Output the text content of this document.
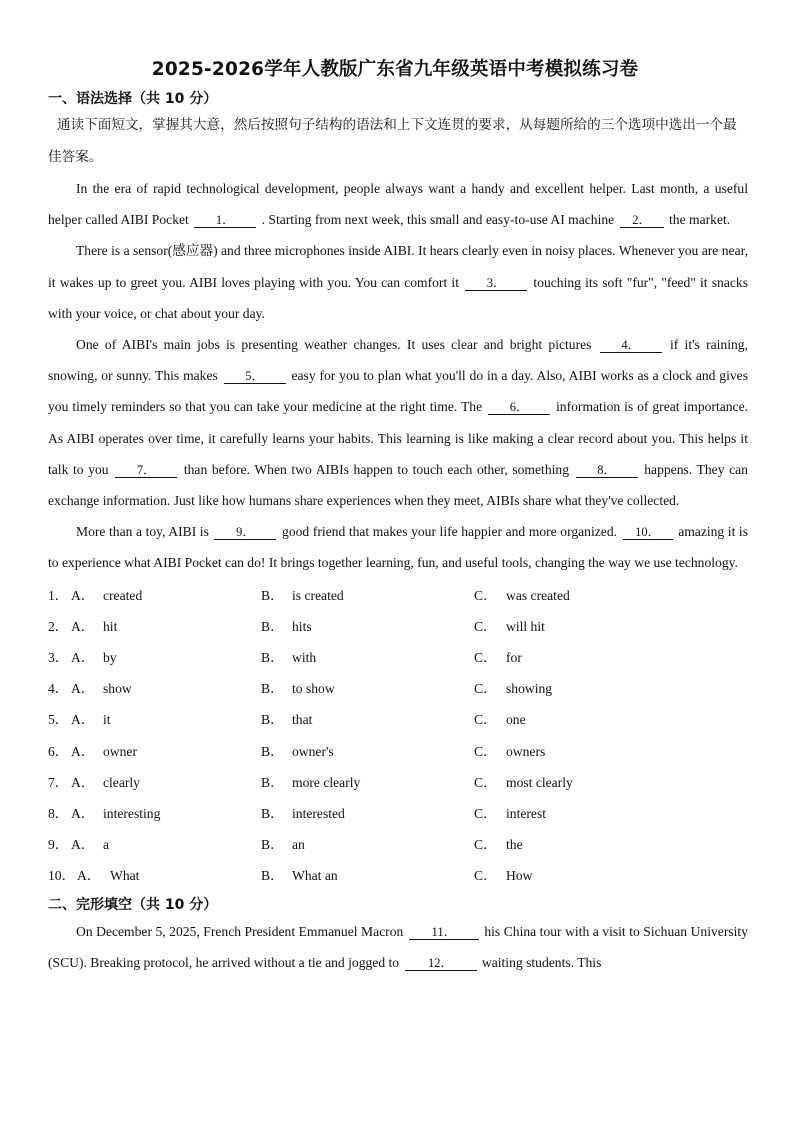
2025-2026学年人教版广东省九年级英语中考模拟练习卷
一、语法选择（共 10 分）

通读下面短文，掌握其大意，然后按照句子结构的语法和上下文连贯的要求，从每题所给的三个选项中选出一个最佳答案。

In the era of rapid technological development, people always want a handy and excellent helper. Last month, a useful helper called AIBI Pocket 1． . Starting from next week, this small and easy-to-use AI machine 2． the market.

There is a sensor(感应器) and three microphones inside AIBI. It hears clearly even in noisy places. Whenever you are near, it wakes up to greet you. AIBI loves playing with you. You can comfort it 3． touching its soft "fur", "feed" it snacks with your voice, or chat about your day.

One of AIBI's main jobs is presenting weather changes. It uses clear and bright pictures 4． if it's raining, snowing, or sunny. This makes 5． easy for you to plan what you'll do in a day. Also, AIBI works as a clock and gives you timely reminders so that you can take your medicine at the right time. The 6． information is of great importance. As AIBI operates over time, it carefully learns your habits. This learning is like making a clear record about you. This helps it talk to you 7． than before. When two AIBIs happen to touch each other, something 8． happens. They can exchange information. Just like how humans share experiences when they meet, AIBIs share what they've collected.

More than a toy, AIBI is 9． good friend that makes your life happier and more organized. 10． amazing it is to experience what AIBI Pocket can do! It brings together learning, fun, and useful tools, changing the way we use technology.

1． A． created	B． is created	C． was created
2． A． hit	B． hits	C． will hit
3． A． by	B． with	C． for
4． A． show	B． to show	C． showing
5． A． it	B． that	C． one
6． A． owner	B． owner's	C． owners
7． A． clearly	B． more clearly	C． most clearly
8． A． interesting	B． interested	C． interest
9． A． a	B． an	C． the
10． A． What	B． What an	C． How
二、完形填空（共 10 分）

On December 5, 2025, French President Emmanuel Macron 11． his China tour with a visit to Sichuan University (SCU). Breaking protocol, he arrived without a tie and jogged to 12． waiting students. This
